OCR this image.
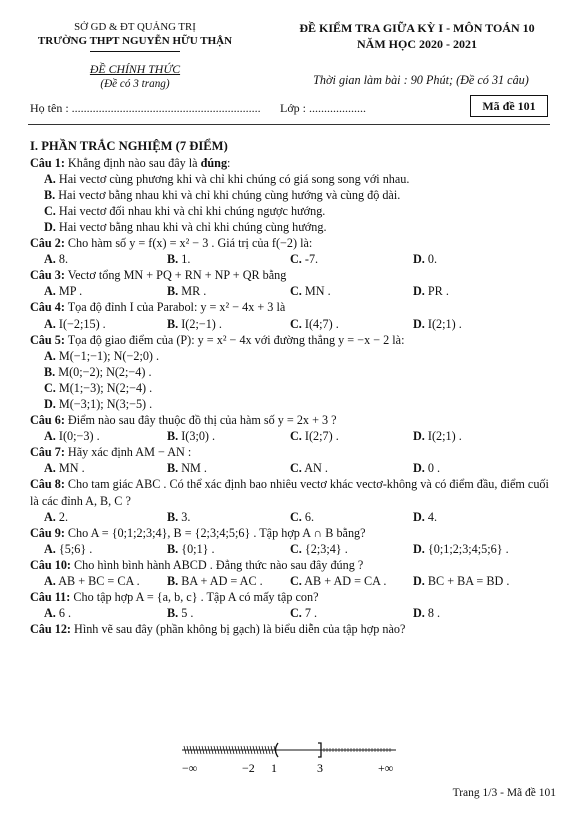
SỞ GD & ĐT QUẢNG TRỊ
TRƯỜNG THPT NGUYỄN HỮU THẬN
ĐỀ CHÍNH THỨC
(Đề có 3 trang)
ĐỀ KIỂM TRA GIỮA KỲ I - MÔN TOÁN 10
NĂM HỌC 2020 - 2021
Thời gian làm bài : 90 Phút; (Đề có 31 câu)
Họ tên : ............................................................... Lớp : ...................	Mã đề 101
I. PHẦN TRẮC NGHIỆM (7 ĐIỂM)
Câu 1: Khẳng định nào sau đây là đúng:
A. Hai vectơ cùng phương khi và chỉ khi chúng có giá song song với nhau.
B. Hai vectơ bằng nhau khi và chỉ khi chúng cùng hướng và cùng độ dài.
C. Hai vectơ đối nhau khi và chỉ khi chúng ngược hướng.
D. Hai vectơ bằng nhau khi và chỉ khi chúng cùng hướng.
Câu 2: Cho hàm số y = f(x) = x² − 3 . Giá trị của f(−2) là:
A. 8.	B. 1.	C. -7.	D. 0.
Câu 3: Vectơ tổng MN + PQ + RN + NP + QR bằng
A. MP .	B. MR .	C. MN .	D. PR .
Câu 4: Tọa độ đỉnh I của Parabol: y = x² − 4x + 3 là
A. I(−2;15) .	B. I(2;−1) .	C. I(4;7) .	D. I(2;1) .
Câu 5: Tọa độ giao điểm của (P): y = x² − 4x với đường thẳng y = −x − 2 là:
A. M(−1;−1); N(−2;0) .
B. M(0;−2); N(2;−4) .
C. M(1;−3); N(2;−4) .
D. M(−3;1); N(3;−5) .
Câu 6: Điểm nào sau đây thuộc đồ thị của hàm số y = 2x + 3 ?
A. I(0;−3) .	B. I(3;0) .	C. I(2;7) .	D. I(2;1) .
Câu 7: Hãy xác định AM − AN :
A. MN .	B. NM .	C. AN .	D. 0 .
Câu 8: Cho tam giác ABC . Có thể xác định bao nhiêu vectơ khác vectơ-không và có điểm đầu, điểm cuối là các đỉnh A, B, C ?
A. 2.	B. 3.	C. 6.	D. 4.
Câu 9: Cho A = {0;1;2;3;4}, B = {2;3;4;5;6} . Tập hợp A ∩ B bằng?
A. {5;6} .	B. {0;1} .	C. {2;3;4} .	D. {0;1;2;3;4;5;6} .
Câu 10: Cho hình bình hành ABCD . Đẳng thức nào sau đây đúng ?
A. AB + BC = CA .	B. BA + AD = AC .	C. AB + AD = CA .	D. BC + BA = BD .
Câu 11: Cho tập hợp A = {a, b, c} . Tập A có mấy tập con?
A. 6 .	B. 5 .	C. 7 .	D. 8 .
Câu 12: Hình vẽ sau đây (phần không bị gạch) là biểu diễn của tập hợp nào?
−∞	−2 1	3	+∞
Trang 1/3 - Mã đề 101
